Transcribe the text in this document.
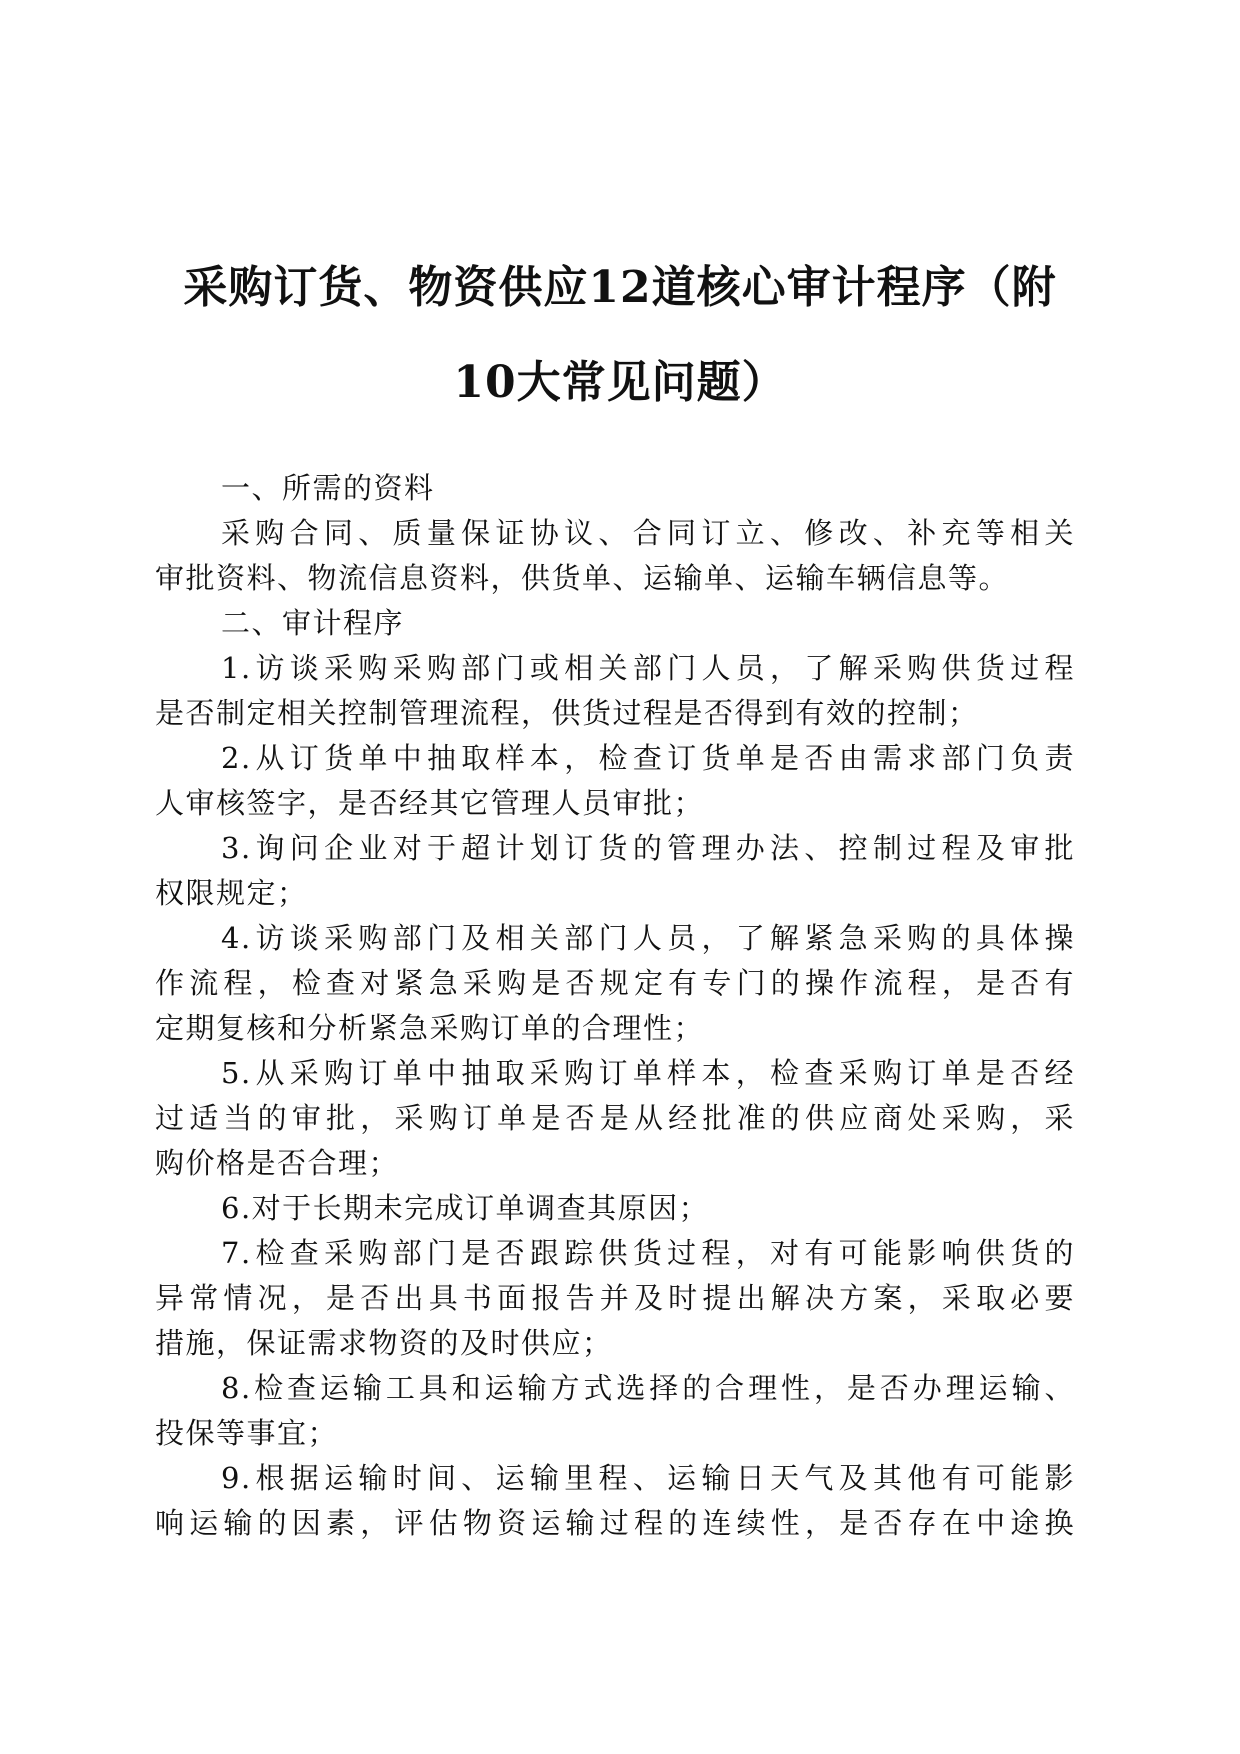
采购订货、物资供应12道核心审计程序（附
10大常见问题）

一、所需的资料

采购合同、质量保证协议、合同订立、修改、补充等相关

审批资料、物流信息资料，供货单、运输单、运输车辆信息等。

二、审计程序

1.访谈采购采购部门或相关部门人员，了解采购供货过程

是否制定相关控制管理流程，供货过程是否得到有效的控制；

2.从订货单中抽取样本，检查订货单是否由需求部门负责

人审核签字，是否经其它管理人员审批；

3.询问企业对于超计划订货的管理办法、控制过程及审批

权限规定；

4.访谈采购部门及相关部门人员，了解紧急采购的具体操

作流程，检查对紧急采购是否规定有专门的操作流程，是否有

定期复核和分析紧急采购订单的合理性；

5.从采购订单中抽取采购订单样本，检查采购订单是否经

过适当的审批，采购订单是否是从经批准的供应商处采购，采

购价格是否合理；

6.对于长期未完成订单调查其原因；

7.检查采购部门是否跟踪供货过程，对有可能影响供货的

异常情况，是否出具书面报告并及时提出解决方案，采取必要

措施，保证需求物资的及时供应；

8.检查运输工具和运输方式选择的合理性，是否办理运输、

投保等事宜；

9.根据运输时间、运输里程、运输日天气及其他有可能影

响运输的因素，评估物资运输过程的连续性，是否存在中途换
